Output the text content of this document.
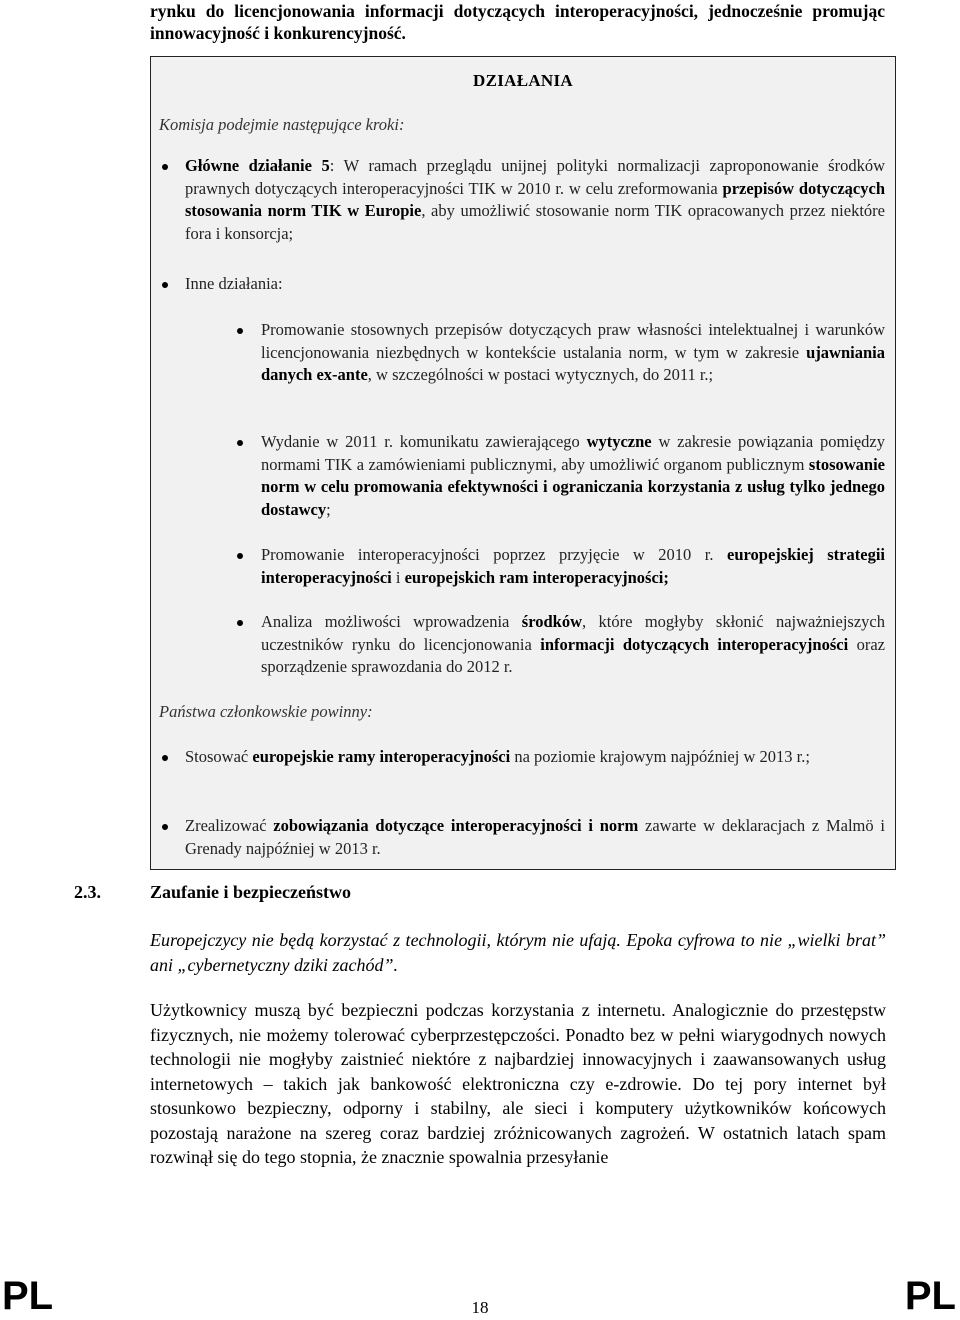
rynku do licencjonowania informacji dotyczących interoperacyjności, jednocześnie promując innowacyjność i konkurencyjność.

DZIAŁANIA
Komisja podejmie następujące kroki:
Główne działanie 5: W ramach przeglądu unijnej polityki normalizacji zaproponowanie środków prawnych dotyczących interoperacyjności TIK w 2010 r. w celu zreformowania przepisów dotyczących stosowania norm TIK w Europie, aby umożliwić stosowanie norm TIK opracowanych przez niektóre fora i konsorcja;
Inne działania:
Promowanie stosownych przepisów dotyczących praw własności intelektualnej i warunków licencjonowania niezbędnych w kontekście ustalania norm, w tym w zakresie ujawniania danych ex-ante, w szczególności w postaci wytycznych, do 2011 r.;
Wydanie w 2011 r. komunikatu zawierającego wytyczne w zakresie powiązania pomiędzy normami TIK a zamówieniami publicznymi, aby umożliwić organom publicznym stosowanie norm w celu promowania efektywności i ograniczania korzystania z usług tylko jednego dostawcy;
Promowanie interoperacyjności poprzez przyjęcie w 2010 r. europejskiej strategii interoperacyjności i europejskich ram interoperacyjności;
Analiza możliwości wprowadzenia środków, które mogłyby skłonić najważniejszych uczestników rynku do licencjonowania informacji dotyczących interoperacyjności oraz sporządzenie sprawozdania do 2012 r.
Państwa członkowskie powinny:
Stosować europejskie ramy interoperacyjności na poziomie krajowym najpóźniej w 2013 r.;
Zrealizować zobowiązania dotyczące interoperacyjności i norm zawarte w deklaracjach z Malmö i Grenady najpóźniej w 2013 r.
2.3.	Zaufanie i bezpieczeństwo

Europejczycy nie będą korzystać z technologii, którym nie ufają. Epoka cyfrowa to nie „wielki brat” ani „cybernetyczny dziki zachód”.

Użytkownicy muszą być bezpieczni podczas korzystania z internetu. Analogicznie do przestępstw fizycznych, nie możemy tolerować cyberprzestępczości. Ponadto bez w pełni wiarygodnych nowych technologii nie mogłyby zaistnieć niektóre z najbardziej innowacyjnych i zaawansowanych usług internetowych – takich jak bankowość elektroniczna czy e-zdrowie. Do tej pory internet był stosunkowo bezpieczny, odporny i stabilny, ale sieci i komputery użytkowników końcowych pozostają narażone na szereg coraz bardziej zróżnicowanych zagrożeń. W ostatnich latach spam rozwinął się do tego stopnia, że znacznie spowalnia przesyłanie

PL	18	PL
